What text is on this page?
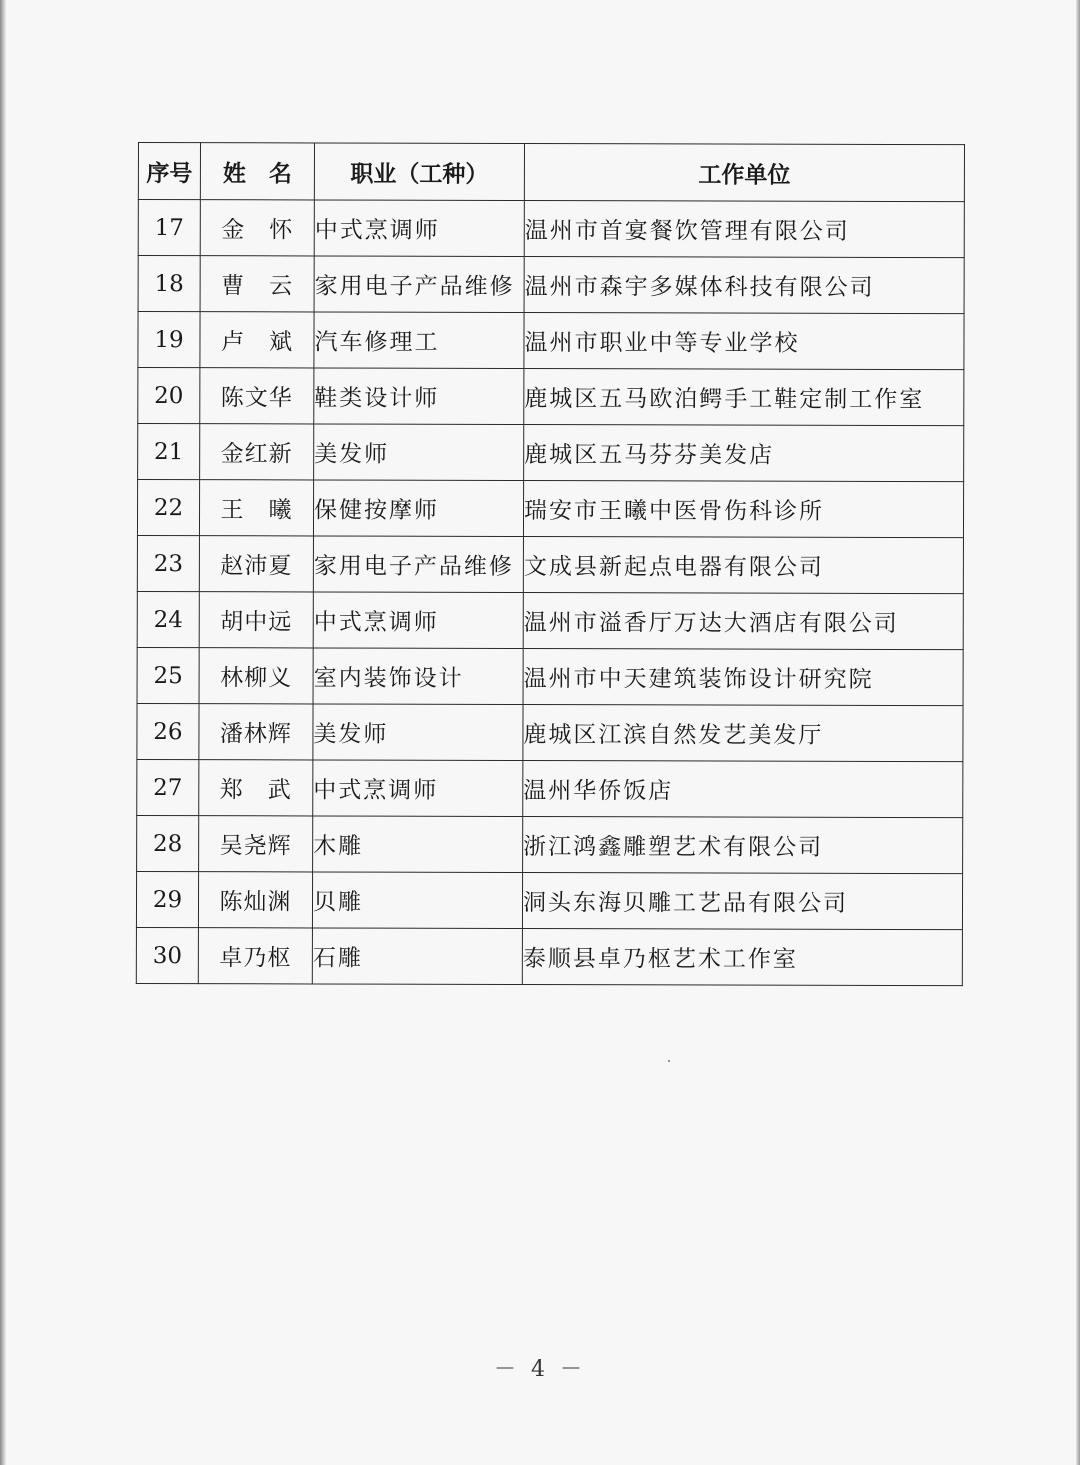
序号	姓　名	职业（工种）	工作单位
17	金　怀	中式烹调师	温州市首宴餐饮管理有限公司
18	曹　云	家用电子产品维修	温州市森宇多媒体科技有限公司
19	卢　斌	汽车修理工	温州市职业中等专业学校
20	陈文华	鞋类设计师	鹿城区五马欧泊鳄手工鞋定制工作室
21	金红新	美发师	鹿城区五马芬芬美发店
22	王　曦	保健按摩师	瑞安市王曦中医骨伤科诊所
23	赵沛夏	家用电子产品维修	文成县新起点电器有限公司
24	胡中远	中式烹调师	温州市溢香厅万达大酒店有限公司
25	林柳义	室内装饰设计	温州市中天建筑装饰设计研究院
26	潘林辉	美发师	鹿城区江滨自然发艺美发厅
27	郑　武	中式烹调师	温州华侨饭店
28	吴尧辉	木雕	浙江鸿鑫雕塑艺术有限公司
29	陈灿渊	贝雕	洞头东海贝雕工艺品有限公司
30	卓乃枢	石雕	泰顺县卓乃枢艺术工作室
－ 4 －
